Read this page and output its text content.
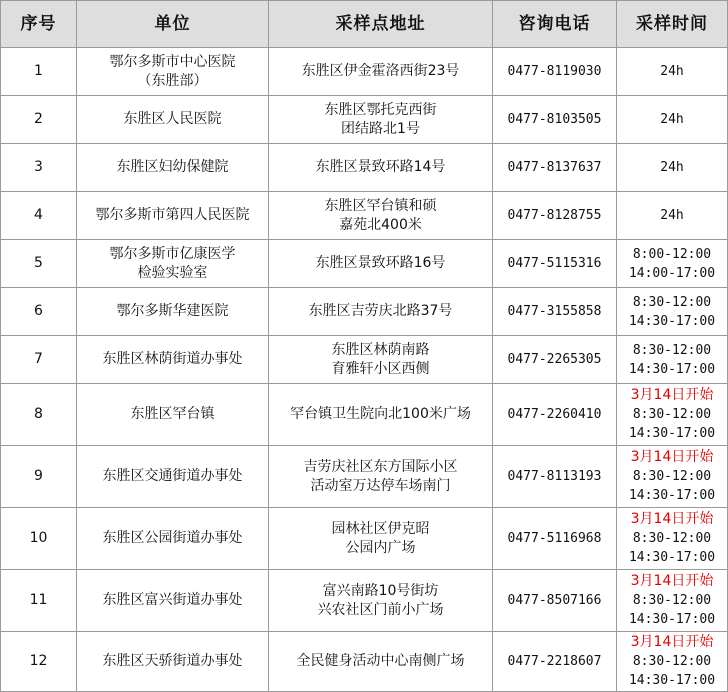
序号	单位	采样点地址	咨询电话	采样时间

1	鄂尔多斯市中心医院
（东胜部）	东胜区伊金霍洛西街23号	0477-8119030	24h

2	东胜区人民医院	东胜区鄂托克西街
团结路北1号	0477-8103505	24h

3	东胜区妇幼保健院	东胜区景致环路14号	0477-8137637	24h

4	鄂尔多斯市第四人民医院	东胜区罕台镇和硕
嘉苑北400米	0477-8128755	24h

5	鄂尔多斯市亿康医学
检验实验室	东胜区景致环路16号	0477-5115316	8:00-12:00
14:00-17:00

6	鄂尔多斯华建医院	东胜区吉劳庆北路37号	0477-3155858	8:30-12:00
14:30-17:00

7	东胜区林荫街道办事处	东胜区林荫南路
育雅轩小区西侧	0477-2265305	8:30-12:00
14:30-17:00

8	东胜区罕台镇	罕台镇卫生院向北100米广场	0477-2260410	3月14日开始
8:30-12:00
14:30-17:00

9	东胜区交通街道办事处	吉劳庆社区东方国际小区
活动室万达停车场南门	0477-8113193	3月14日开始
8:30-12:00
14:30-17:00

10	东胜区公园街道办事处	园林社区伊克昭
公园内广场	0477-5116968	3月14日开始
8:30-12:00
14:30-17:00

11	东胜区富兴街道办事处	富兴南路10号街坊
兴农社区门前小广场	0477-8507166	3月14日开始
8:30-12:00
14:30-17:00

12	东胜区天骄街道办事处	全民健身活动中心南侧广场	0477-2218607	3月14日开始
8:30-12:00
14:30-17:00
